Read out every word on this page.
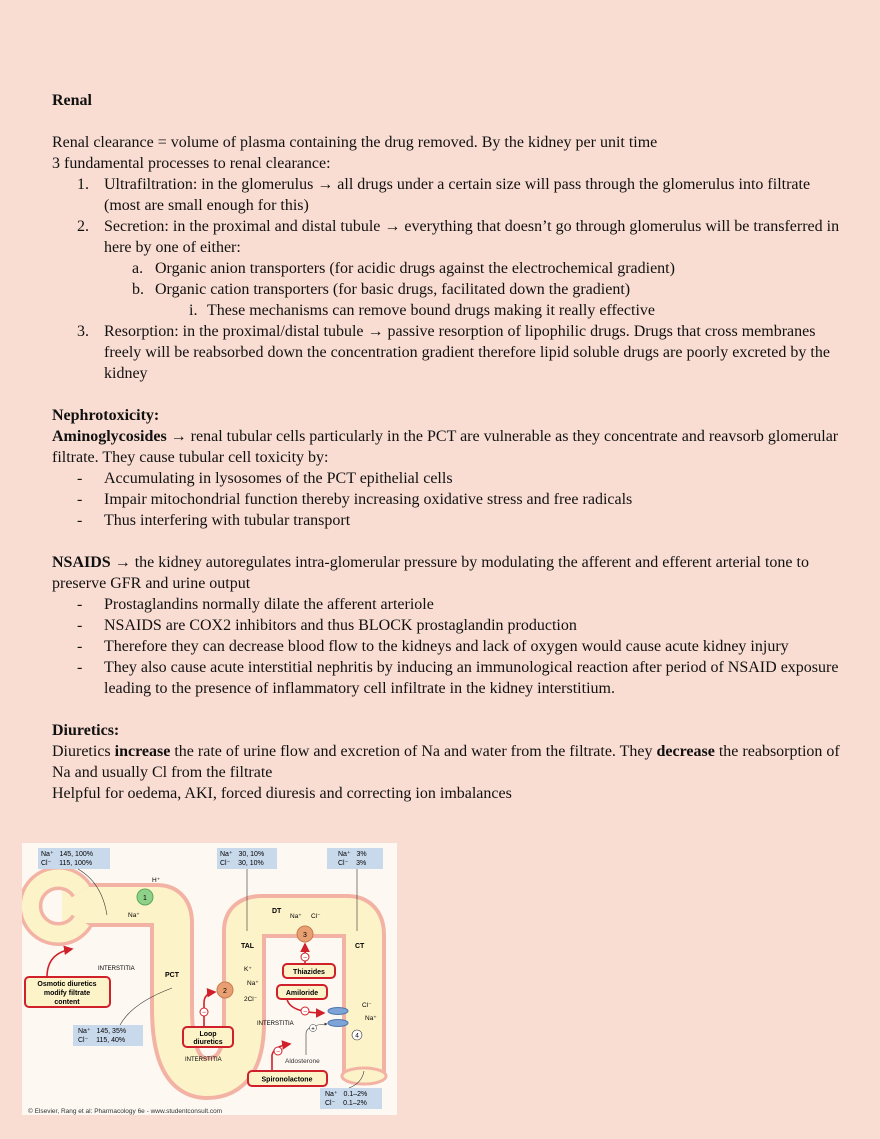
Renal

Renal clearance = volume of plasma containing the drug removed. By the kidney per unit time

3 fundamental processes to renal clearance:

1. Ultrafiltration: in the glomerulus → all drugs under a certain size will pass through the glomerulus into filtrate (most are small enough for this)

2. Secretion: in the proximal and distal tubule → everything that doesn’t go through glomerulus will be transferred in here by one of either:

a. Organic anion transporters (for acidic drugs against the electrochemical gradient)

b. Organic cation transporters (for basic drugs, facilitated down the gradient)

i. These mechanisms can remove bound drugs making it really effective

3. Resorption: in the proximal/distal tubule → passive resorption of lipophilic drugs. Drugs that cross membranes freely will be reabsorbed down the concentration gradient therefore lipid soluble drugs are poorly excreted by the kidney

Nephrotoxicity:

Aminoglycosides → renal tubular cells particularly in the PCT are vulnerable as they concentrate and reavsorb glomerular filtrate. They cause tubular cell toxicity by:

- Accumulating in lysosomes of the PCT epithelial cells

- Impair mitochondrial function thereby increasing oxidative stress and free radicals

- Thus interfering with tubular transport

NSAIDS → the kidney autoregulates intra-glomerular pressure by modulating the afferent and efferent arterial tone to preserve GFR and urine output

- Prostaglandins normally dilate the afferent arteriole

- NSAIDS are COX2 inhibitors and thus BLOCK prostaglandin production

- Therefore they can decrease blood flow to the kidneys and lack of oxygen would cause acute kidney injury

- They also cause acute interstitial nephritis by inducing an immunological reaction after period of NSAID exposure leading to the presence of inflammatory cell infiltrate in the kidney interstitium.

Diuretics:

Diuretics increase the rate of urine flow and excretion of Na and water from the filtrate. They decrease the reabsorption of Na and usually Cl from the filtrate

Helpful for oedema, AKI, forced diuresis and correcting ion imbalances

Na⁺   145, 100%
Cl⁻    115, 100%
Na⁺   30, 10%
Cl⁻    30, 10%
Na⁺   3%
Cl⁻    3%
Na⁺   145, 35%
Cl⁻    115, 40%
Na⁺   0.1–2%
Cl⁻    0.1–2%
1
H⁺
Na⁺
DT
TAL	CT
PCT
INTERSTITIA
INTERSTITIA
INTERSTITIA
Na⁺ Cl⁻
3
2
K⁺
Na⁺
2Cl⁻
Cl⁻
Na⁺
4
Osmotic diuretics
modify filtrate
content
Thiazides
−
Amiloride
−
Loop
diuretics
−
Spironolactone
−
Aldosterone
+
© Elsevier, Rang et al: Pharmacology 6e - www.studentconsult.com
